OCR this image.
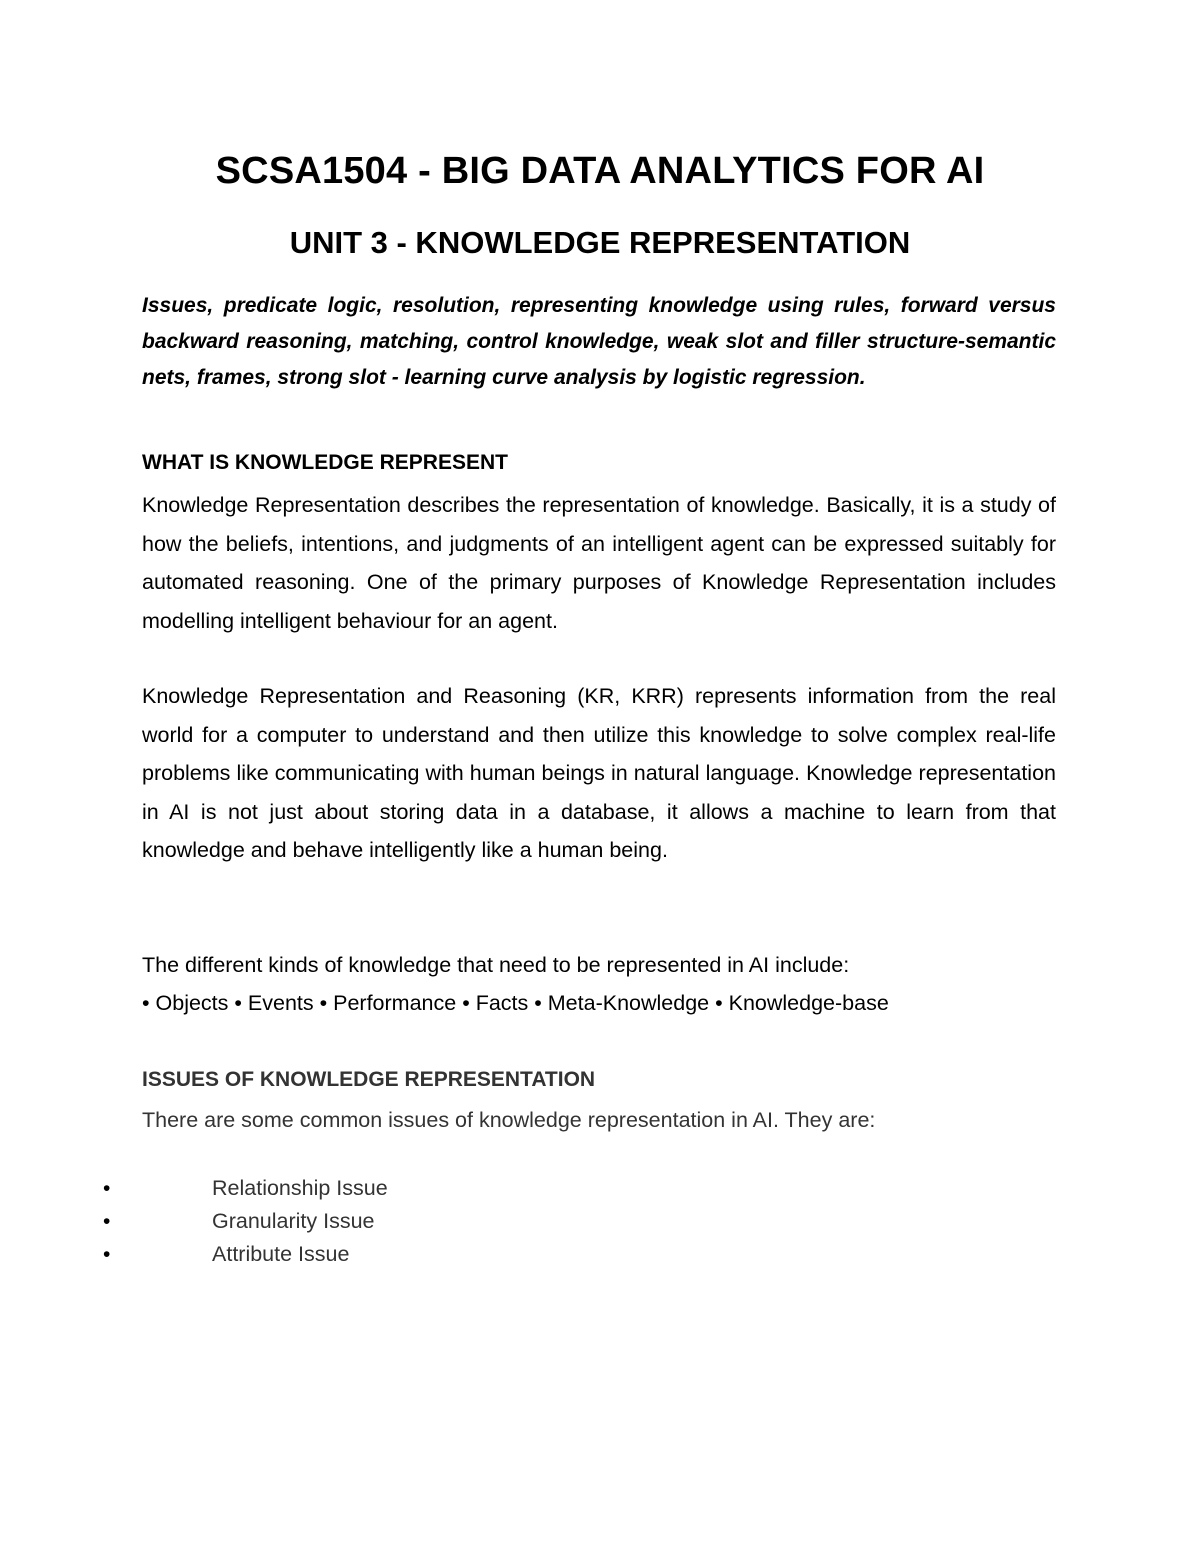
SCSA1504 - BIG DATA ANALYTICS FOR AI
UNIT 3 - KNOWLEDGE REPRESENTATION
Issues, predicate logic, resolution, representing knowledge using rules, forward versus backward reasoning, matching, control knowledge, weak slot and filler structure-semantic nets, frames, strong slot - learning curve analysis by logistic regression.
WHAT IS KNOWLEDGE REPRESENT
Knowledge Representation describes the representation of knowledge. Basically, it is a study of how the beliefs, intentions, and judgments of an intelligent agent can be expressed suitably for automated reasoning. One of the primary purposes of Knowledge Representation includes modelling intelligent behaviour for an agent.
Knowledge Representation and Reasoning (KR, KRR) represents information from the real world for a computer to understand and then utilize this knowledge to solve complex real-life problems like communicating with human beings in natural language. Knowledge representation in AI is not just about storing data in a database, it allows a machine to learn from that knowledge and behave intelligently like a human being.
The different kinds of knowledge that need to be represented in AI include:
• Objects • Events • Performance • Facts • Meta-Knowledge • Knowledge-base
ISSUES OF KNOWLEDGE REPRESENTATION
There are some common issues of knowledge representation in AI. They are:
•	Relationship Issue
•	Granularity Issue
•	Attribute Issue
